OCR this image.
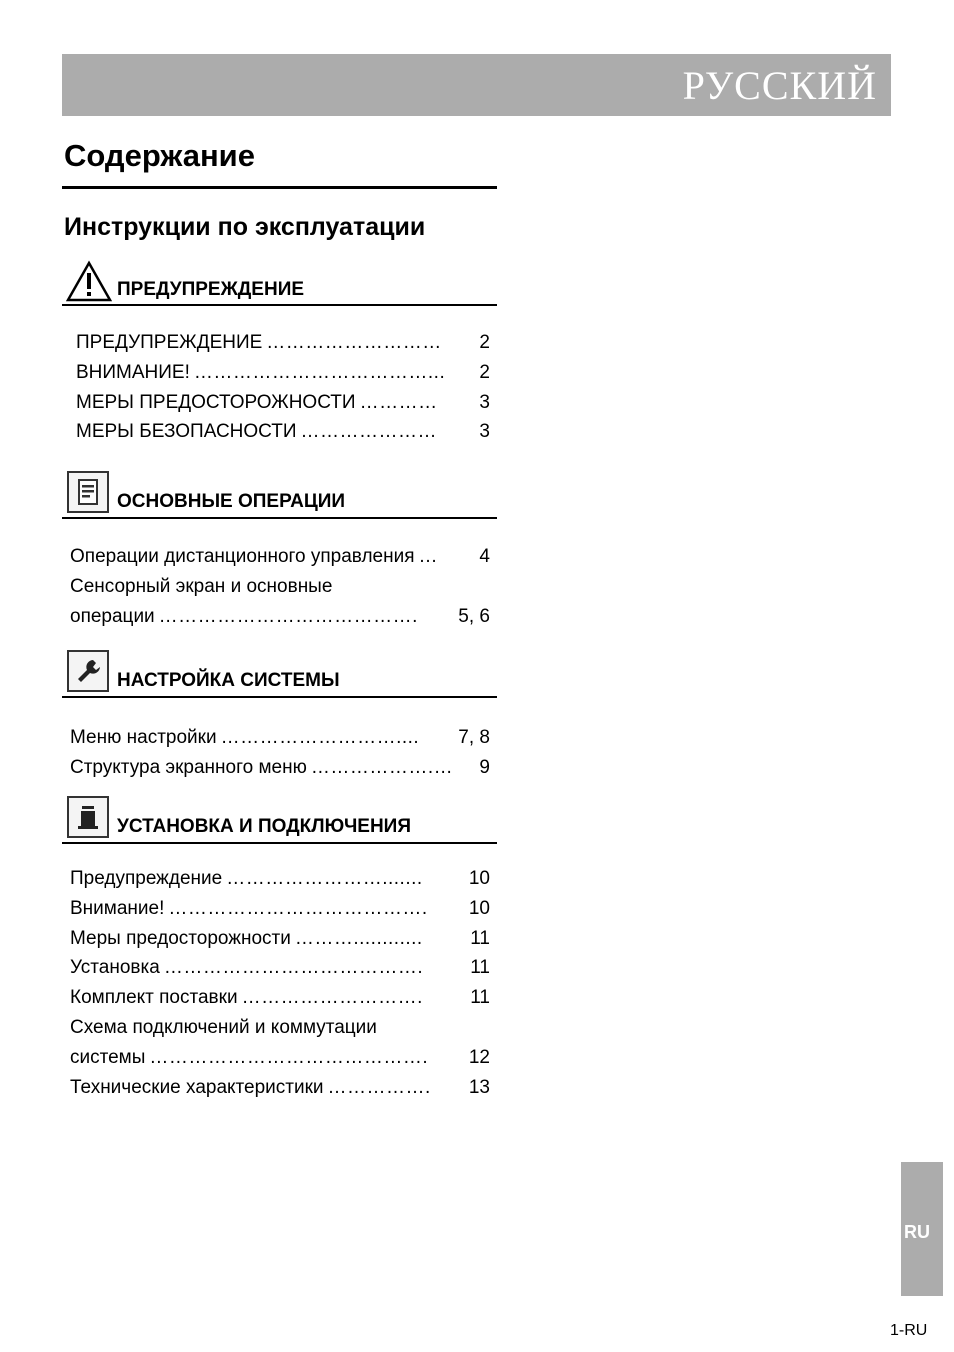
РУССКИЙ
Содержание
Инструкции по эксплуатации
ПРЕДУПРЕЖДЕНИЕ
ПРЕДУПРЕЖДЕНИЕ ………………………	2
ВНИМАНИЕ! ………………………………...	2
МЕРЫ ПРЕДОСТОРОЖНОСТИ …………	3
МЕРЫ БЕЗОПАСНОСТИ …………………	3
ОСНОВНЫЕ ОПЕРАЦИИ
Операции дистанционного управления …	4
Сенсорный экран и основные
операции ………………………………….	5, 6
НАСТРОЙКА СИСТЕМЫ
Меню настройки ………………………....	7, 8
Структура экранного меню ……………….…	9
УСТАНОВКА И ПОДКЛЮЧЕНИЯ
Предупреждение …………………….......	10
Внимание! ………………………………….	10
Меры предосторожности ………............	11
Установка ………………………………….	11
Комплект поставки ……………………….	11
Схема подключений и коммутации
системы …………………………………….	12
Технические характеристики …………….	13
RU
1-RU
